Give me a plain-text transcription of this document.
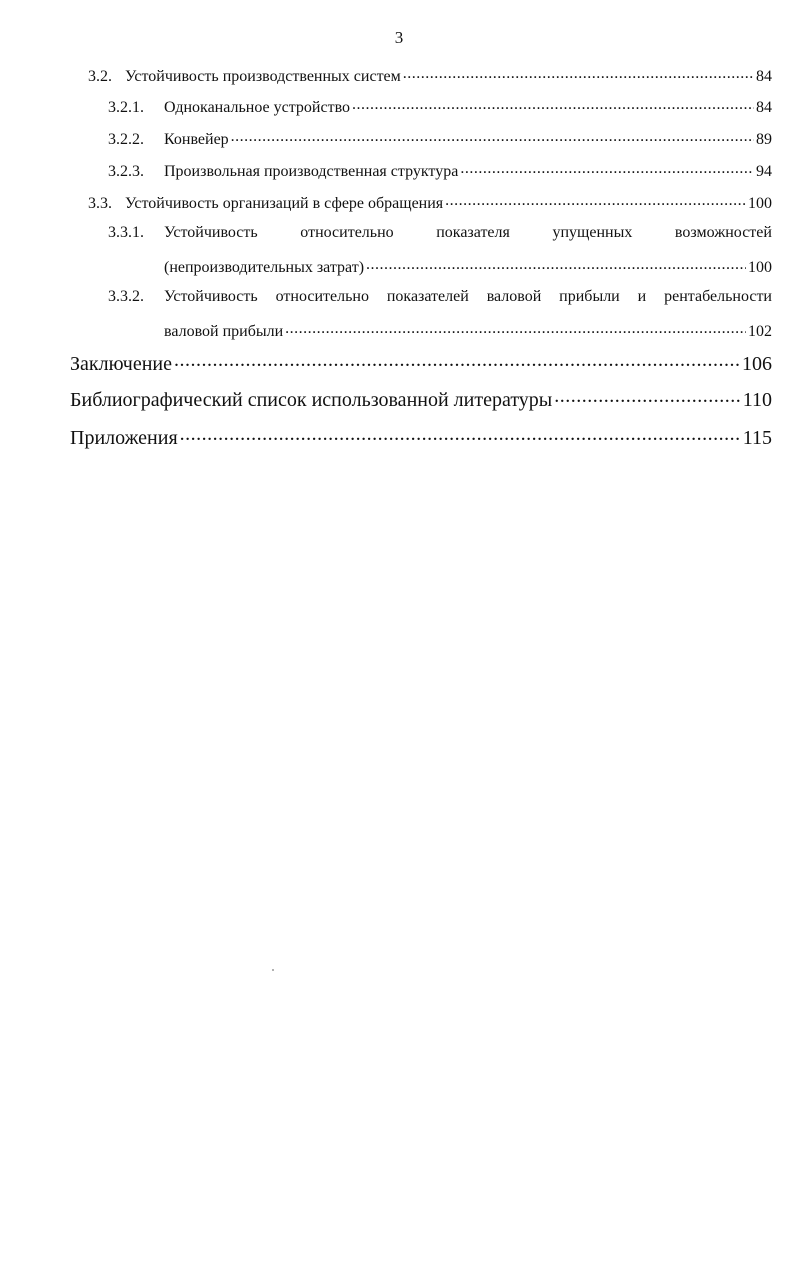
3
3.2. Устойчивость производственных систем .....	84
3.2.1.	Одноканальное устройство .....	84
3.2.2.	Конвейер .....	89
3.2.3.	Произвольная производственная структура .....	94
3.3. Устойчивость организаций в сфере обращения .....	100
3.3.1. Устойчивость	относительно	показателя	упущенных	возможностей
(непроизводительных затрат) .....	100
3.3.2. Устойчивость относительно показателей валовой прибыли и рентабельности
валовой прибыли .....	102
Заключение .....	106
Библиографический список использованной литературы .....	110
Приложения .....	115
